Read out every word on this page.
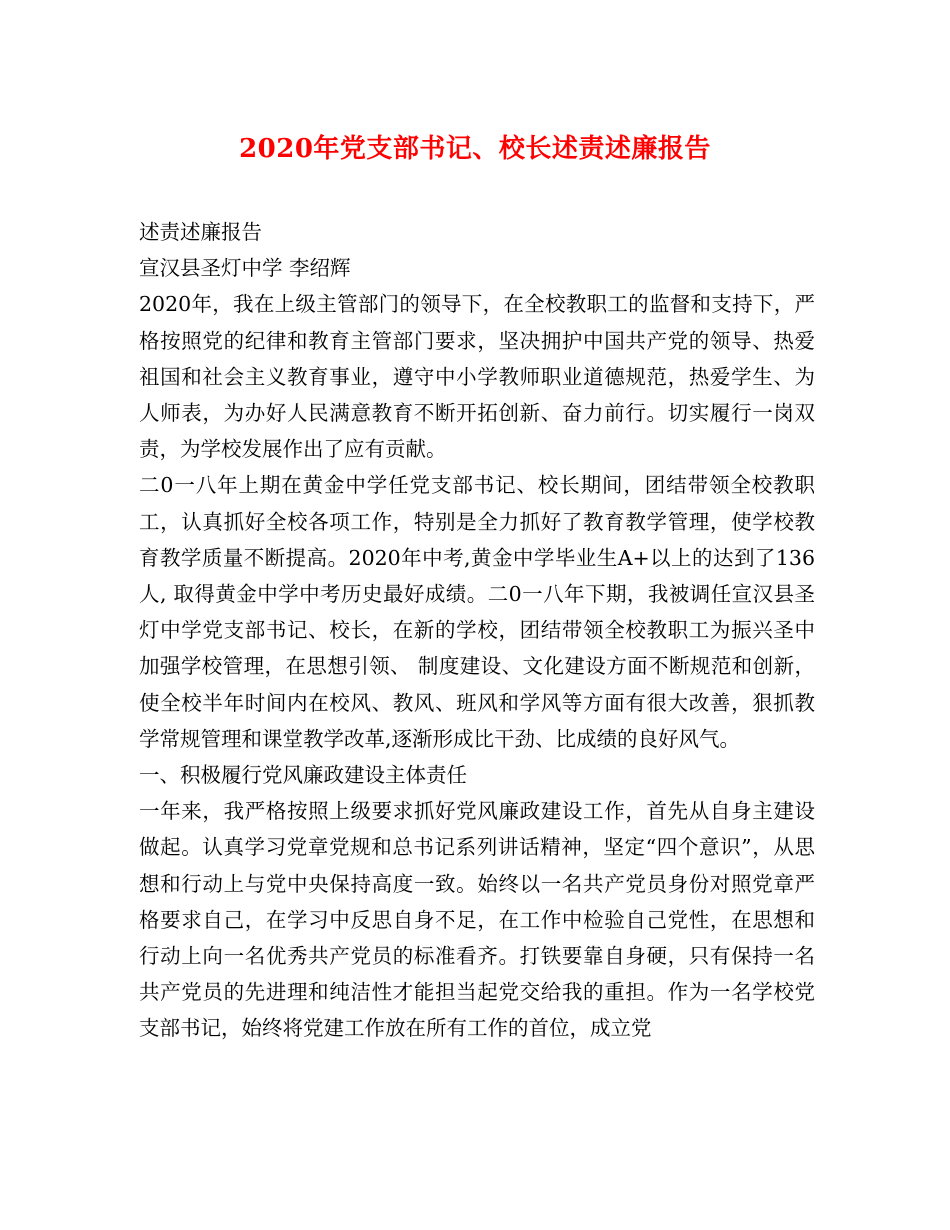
2020年党支部书记、校长述责述廉报告

述责述廉报告

宣汉县圣灯中学 李绍辉

2020年，我在上级主管部门的领导下，在全校教职工的监督和支持下，严格按照党的纪律和教育主管部门要求，坚决拥护中国共产党的领导、热爱祖国和社会主义教育事业，遵守中小学教师职业道德规范，热爱学生、为人师表，为办好人民满意教育不断开拓创新、奋力前行。切实履行一岗双责，为学校发展作出了应有贡献。

二0一八年上期在黄金中学任党支部书记、校长期间，团结带领全校教职工，认真抓好全校各项工作，特别是全力抓好了教育教学管理，使学校教育教学质量不断提高。2020年中考,黄金中学毕业生A+以上的达到了136人, 取得黄金中学中考历史最好成绩。二0一八年下期，我被调任宣汉县圣灯中学党支部书记、校长，在新的学校，团结带领全校教职工为振兴圣中加强学校管理，在思想引领、 制度建设、文化建设方面不断规范和创新，使全校半年时间内在校风、教风、班风和学风等方面有很大改善，狠抓教学常规管理和课堂教学改革,逐渐形成比干劲、比成绩的良好风气。

一、积极履行党风廉政建设主体责任

一年来，我严格按照上级要求抓好党风廉政建设工作，首先从自身主建设做起。认真学习党章党规和总书记系列讲话精神，坚定“四个意识”，从思想和行动上与党中央保持高度一致。始终以一名共产党员身份对照党章严格要求自己，在学习中反思自身不足，在工作中检验自己党性，在思想和行动上向一名优秀共产党员的标准看齐。打铁要靠自身硬，只有保持一名共产党员的先进理和纯洁性才能担当起党交给我的重担。作为一名学校党支部书记，始终将党建工作放在所有工作的首位，成立党
